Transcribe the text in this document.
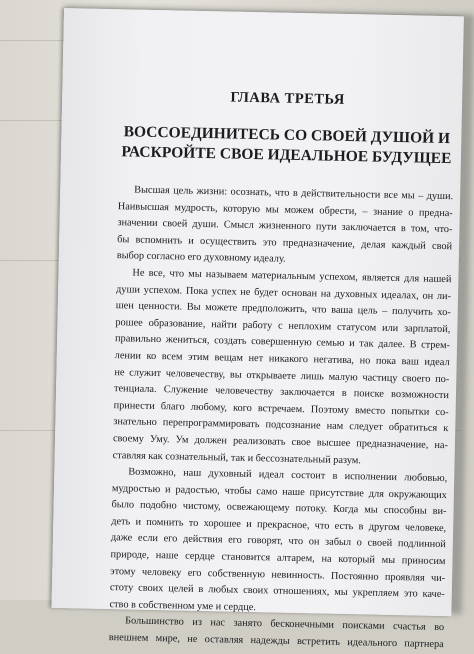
ГЛАВА ТРЕТЬЯ
ВОССОЕДИНИТЕСЬ СО СВОЕЙ ДУШОЙ И
РАСКРОЙТЕ СВОЕ ИДЕАЛЬНОЕ БУДУЩЕЕ

Высшая цель жизни: осознать, что в действительности все мы – души.
Наивысшая мудрость, которую мы можем обрести, – знание о предна-
значении своей души. Смысл жизненного пути заключается в том, что-
бы вспомнить и осуществить это предназначение, делая каждый свой
выбор согласно его духовному идеалу.

Не все, что мы называем материальным успехом, является для нашей
души успехом. Пока успех не будет основан на духовных идеалах, он ли-
шен ценности. Вы можете предположить, что ваша цель – получить хо-
рошее образование, найти работу с неплохим статусом или зарплатой,
правильно жениться, создать совершенную семью и так далее. В стрем-
лении ко всем этим вещам нет никакого негатива, но пока ваш идеал
не служит человечеству, вы открываете лишь малую частицу своего по-
тенциала. Служение человечеству заключается в поиске возможности
принести благо любому, кого встречаем. Поэтому вместо попытки со-
знательно перепрограммировать подсознание нам следует обратиться к
своему Уму. Ум должен реализовать свое высшее предназначение, на-
ставляя как сознательный, так и бессознательный разум.

Возможно, наш духовный идеал состоит в исполнении любовью,
мудростью и радостью, чтобы само наше присутствие для окружающих
было подобно чистому, освежающему потоку. Когда мы способны ви-
деть и помнить то хорошее и прекрасное, что есть в другом человеке,
даже если его действия его говорят, что он забыл о своей подлинной
природе, наше сердце становится алтарем, на который мы приносим
этому человеку его собственную невинность. Постоянно проявляя чи-
стоту своих целей в любых своих отношениях, мы укрепляем это каче-
ство в собственном уме и сердце.

Большинство из нас занято бесконечными поисками счастья во
внешнем мире, не оставляя надежды встретить идеального партнера
